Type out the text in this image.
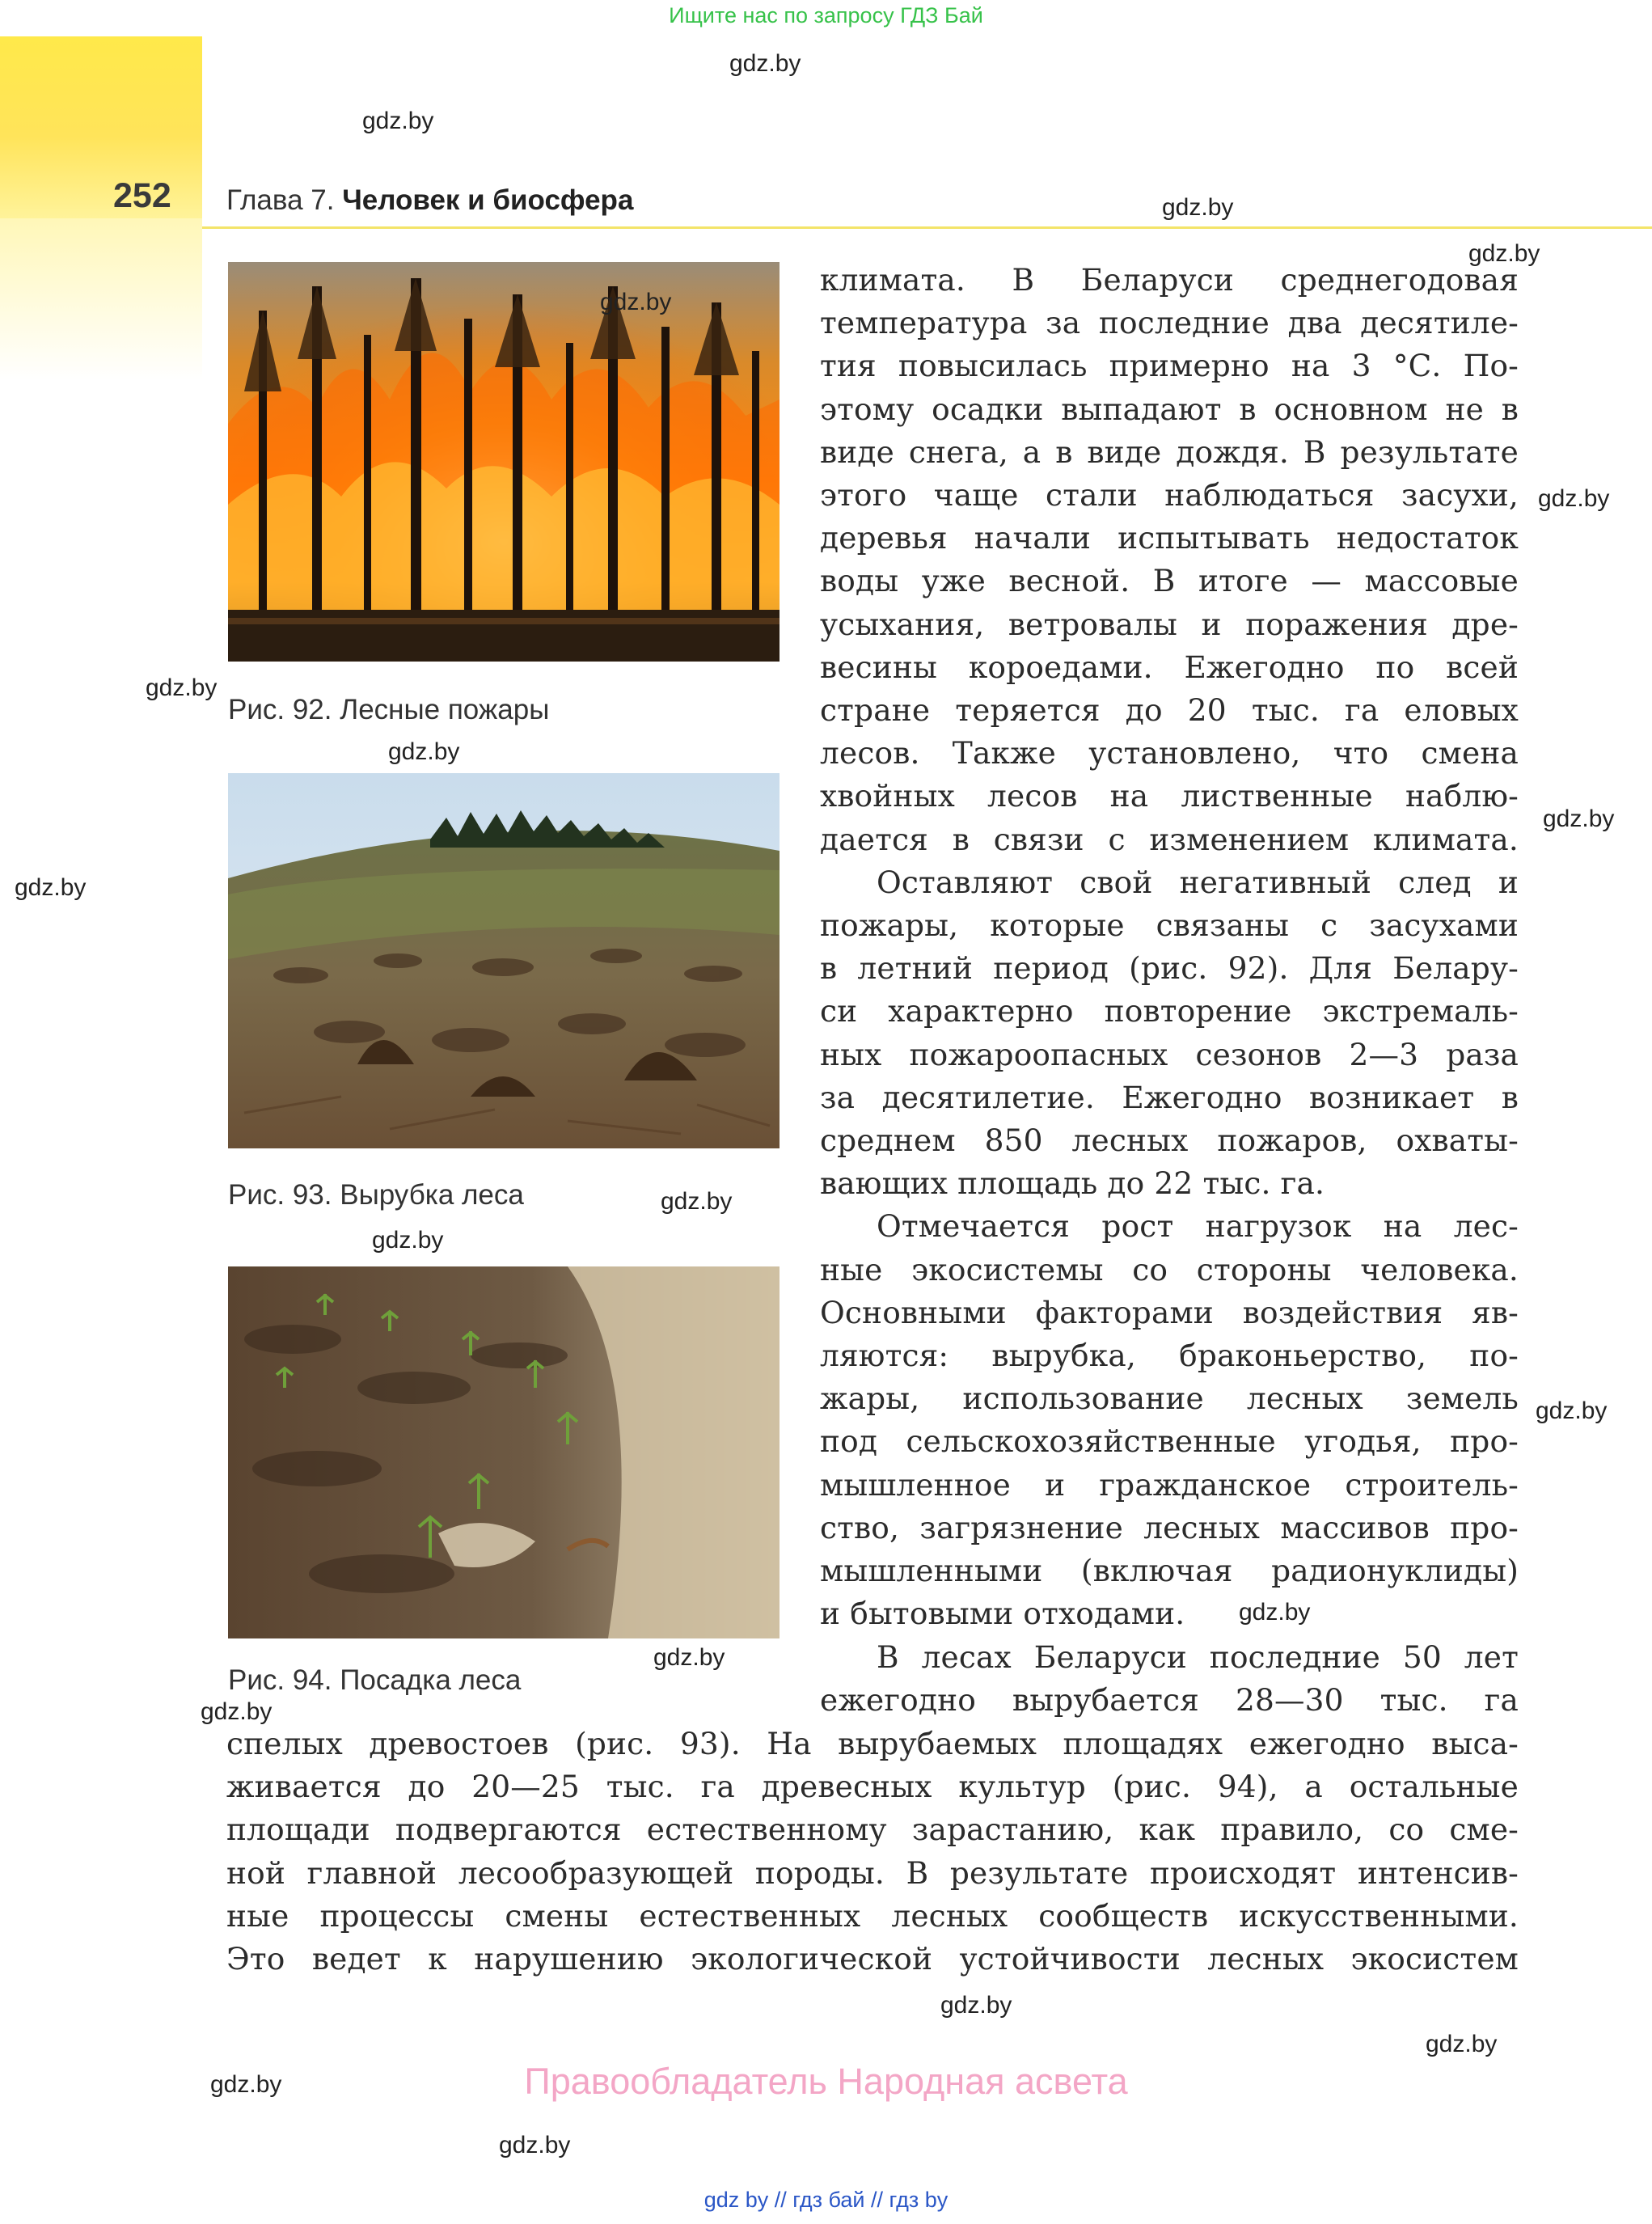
Ищите нас по запросу ГДЗ Бай
252 Глава 7. Человек и биосфера
Рис. 92. Лесные пожары
Рис. 93. Вырубка леса
Рис. 94. Посадка леса

климата. В Беларуси среднегодовая

температура за последние два десятиле-

тия повысилась примерно на 3 °С. По-

этому осадки выпадают в основном не в

виде снега, а в виде дождя. В результате

этого чаще стали наблюдаться засухи,

деревья начали испытывать недостаток

воды уже весной. В итоге — массовые

усыхания, ветровалы и поражения дре-

весины короедами. Ежегодно по всей

стране теряется до 20 тыс. га еловых

лесов. Также установлено, что смена

хвойных лесов на лиственные наблю-

дается в связи с изменением климата.

Оставляют свой негативный след и

пожары, которые связаны с засухами

в летний период (рис. 92). Для Белару-

си характерно повторение экстремаль-

ных пожароопасных сезонов 2—3 раза

за десятилетие. Ежегодно возникает в

среднем 850 лесных пожаров, охваты-

вающих площадь до 22 тыс. га.

Отмечается рост нагрузок на лес-

ные экосистемы со стороны человека.

Основными факторами воздействия яв-

ляются: вырубка, браконьерство, по-

жары, использование лесных земель

под сельскохозяйственные угодья, про-

мышленное и гражданское строитель-

ство, загрязнение лесных массивов про-

мышленными (включая радионуклиды)

и бытовыми отходами.

В лесах Беларуси последние 50 лет

ежегодно вырубается 28—30 тыс. га

спелых древостоев (рис. 93). На вырубаемых площадях ежегодно выса-

живается до 20—25 тыс. га древесных культур (рис. 94), а остальные

площади подвергаются естественному зарастанию, как правило, со сме-

ной главной лесообразующей породы. В результате происходят интенсив-

ные процессы смены естественных лесных сообществ искусственными.

Это ведет к нарушению экологической устойчивости лесных экосистем

gdz.by
gdz.by
gdz.by
gdz.by
gdz.by
gdz.by
gdz.by
gdz.by
gdz.by
gdz.by
gdz.by
gdz.by
gdz.by
gdz.by
gdz.by
gdz.by
gdz.by
gdz.by
gdz.by
gdz.by
Правообладатель Народная асвета
gdz by // гдз бай // гдз by
